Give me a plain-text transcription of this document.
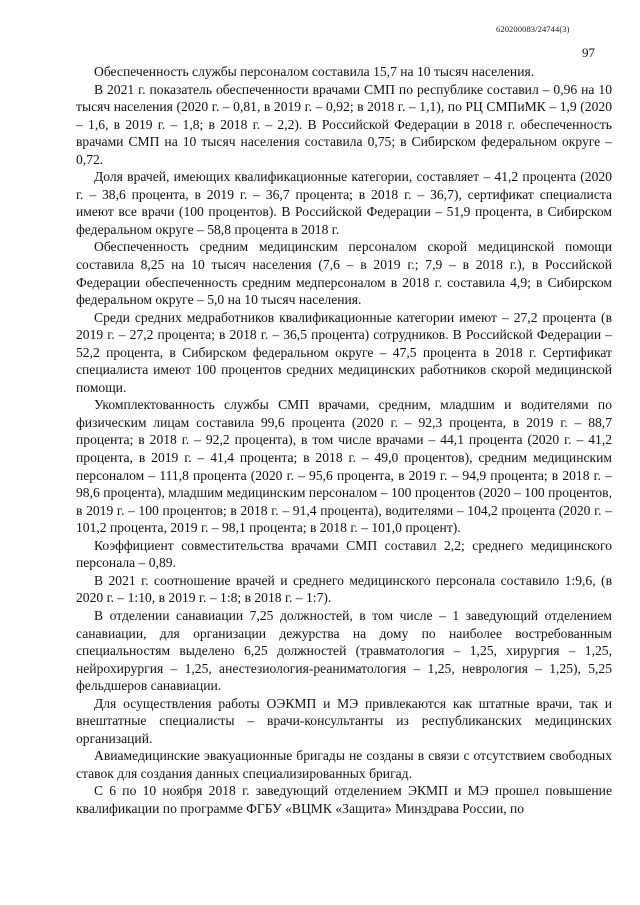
620200083/24744(3)
97

Обеспеченность службы персоналом составила 15,7 на 10 тысяч населения.

В 2021 г. показатель обеспеченности врачами СМП по республике составил – 0,96 на 10 тысяч населения (2020 г. – 0,81, в 2019 г. – 0,92; в 2018 г. – 1,1), по РЦ СМПиМК – 1,9 (2020 – 1,6, в 2019 г. – 1,8; в 2018 г. – 2,2). В Российской Федерации в 2018 г. обеспеченность врачами СМП на 10 тысяч населения составила 0,75; в Сибирском федеральном округе – 0,72.

Доля врачей, имеющих квалификационные категории, составляет – 41,2 процента (2020 г. – 38,6 процента, в 2019 г. – 36,7 процента; в 2018 г. – 36,7), сертификат специалиста имеют все врачи (100 процентов). В Российской Федерации – 51,9 процента, в Сибирском федеральном округе – 58,8 процента в 2018 г.

Обеспеченность средним медицинским персоналом скорой медицинской помощи составила 8,25 на 10 тысяч населения (7,6 – в 2019 г.; 7,9 – в 2018 г.), в Российской Федерации обеспеченность средним медперсоналом в 2018 г. составила 4,9; в Сибирском федеральном округе – 5,0 на 10 тысяч населения.

Среди средних медработников квалификационные категории имеют – 27,2 процента (в 2019 г. – 27,2 процента; в 2018 г. – 36,5 процента) сотрудников. В Российской Федерации – 52,2 процента, в Сибирском федеральном округе – 47,5 процента в 2018 г. Сертификат специалиста имеют 100 процентов средних медицинских работников скорой медицинской помощи.

Укомплектованность службы СМП врачами, средним, младшим и водителями по физическим лицам составила 99,6 процента (2020 г. – 92,3 процента, в 2019 г. – 88,7 процента; в 2018 г. – 92,2 процента), в том числе врачами – 44,1 процента (2020 г. – 41,2 процента, в 2019 г. – 41,4 процента; в 2018 г. – 49,0 процентов), средним медицинским персоналом – 111,8 процента (2020 г. – 95,6 процента, в 2019 г. – 94,9 процента; в 2018 г. – 98,6 процента), младшим медицинским персоналом – 100 процентов (2020 – 100 процентов, в 2019 г. – 100 процентов; в 2018 г. – 91,4 процента), водителями – 104,2 процента (2020 г. – 101,2 процента, 2019 г. – 98,1 процента; в 2018 г. – 101,0 процент).

Коэффициент совместительства врачами СМП составил 2,2; среднего медицинского персонала – 0,89.

В 2021 г. соотношение врачей и среднего медицинского персонала составило 1:9,6, (в 2020 г. – 1:10, в 2019 г. – 1:8; в 2018 г. – 1:7).

В отделении санавиации 7,25 должностей, в том числе – 1 заведующий отделением санавиации, для организации дежурства на дому по наиболее востребованным специальностям выделено 6,25 должностей (травматология – 1,25, хирургия – 1,25, нейрохирургия – 1,25, анестезиология-реаниматология – 1,25, неврология – 1,25), 5,25 фельдшеров санавиации.

Для осуществления работы ОЭКМП и МЭ привлекаются как штатные врачи, так и внештатные специалисты – врачи-консультанты из республиканских медицинских организаций.

Авиамедицинские эвакуационные бригады не созданы в связи с отсутствием свободных ставок для создания данных специализированных бригад.

С 6 по 10 ноября 2018 г. заведующий отделением ЭКМП и МЭ прошел повышение квалификации по программе ФГБУ «ВЦМК «Защита» Минздрава России, по
